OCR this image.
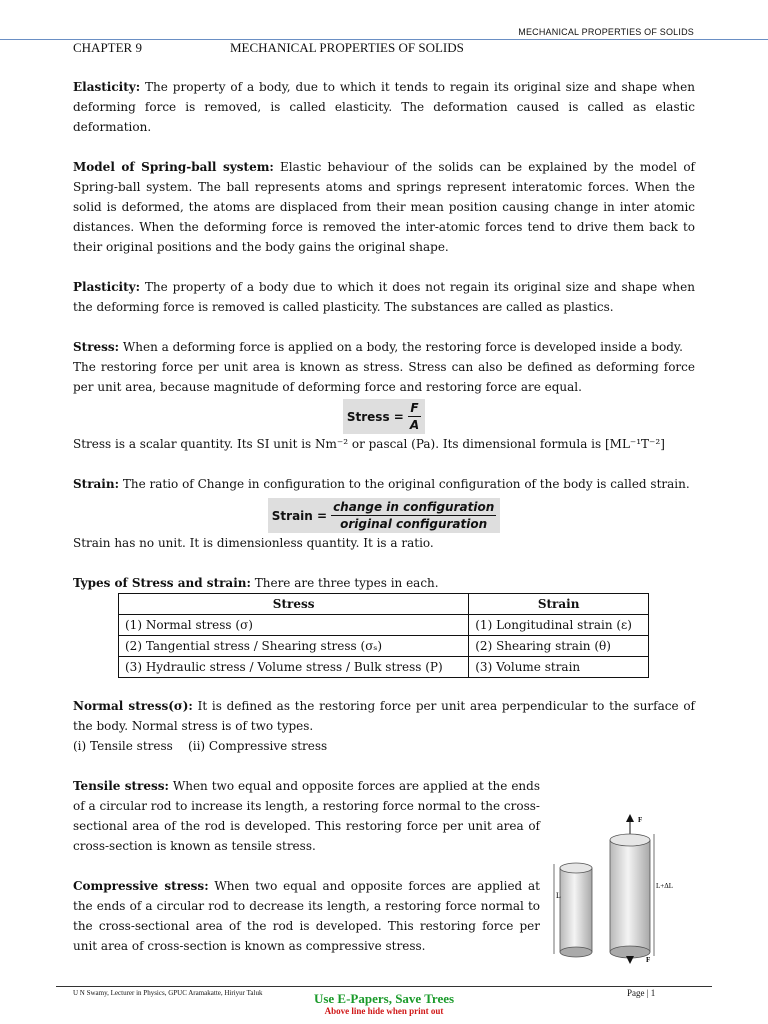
MECHANICAL PROPERTIES OF SOLIDS
CHAPTER 9	MECHANICAL PROPERTIES OF SOLIDS

Elasticity: The property of a body, due to which it tends to regain its original size and shape when deforming force is removed, is called elasticity. The deformation caused is called as elastic deformation.

Model of Spring-ball system: Elastic behaviour of the solids can be explained by the model of Spring-ball system. The ball represents atoms and springs represent interatomic forces. When the solid is deformed, the atoms are displaced from their mean position causing change in inter atomic distances. When the deforming force is removed the inter-atomic forces tend to drive them back to their original positions and the body gains the original shape.

Plasticity: The property of a body due to which it does not regain its original size and shape when the deforming force is removed is called plasticity. The substances are called as plastics.

Stress: When a deforming force is applied on a body, the restoring force is developed inside a body.

The restoring force per unit area is known as stress. Stress can also be defined as deforming force per unit area, because magnitude of deforming force and restoring force are equal.

Stress = $\frac{F}{A}$

Stress is a scalar quantity. Its SI unit is Nm⁻² or pascal (Pa). Its dimensional formula is [ML⁻¹T⁻²]

Strain: The ratio of Change in configuration to the original configuration of the body is called strain.

Strain = $\frac{\text{change in configuration}}{\text{original configuration}}$

Strain has no unit. It is dimensionless quantity. It is a ratio.

Types of Stress and strain: There are three types in each.

Stress	Strain
(1) Normal stress (σ)	(1) Longitudinal strain (ε)
(2) Tangential stress / Shearing stress (σₛ)	(2) Shearing strain (θ)
(3) Hydraulic stress / Volume stress / Bulk stress (P)	(3) Volume strain

Normal stress(σ): It is defined as the restoring force per unit area perpendicular to the surface of the body. Normal stress is of two types.

(i) Tensile stress    (ii) Compressive stress

Tensile stress: When two equal and opposite forces are applied at the ends of a circular rod to increase its length, a restoring force normal to the cross-sectional area of the rod is developed. This restoring force per unit area of cross-section is known as tensile stress.

Compressive stress: When two equal and opposite forces are applied at the ends of a circular rod to decrease its length, a restoring force normal to the cross-sectional area of the rod is developed. This restoring force per unit area of cross-section is known as compressive stress.

F
L
L+ΔL
F
U N Swamy, Lecturer in Physics, GPUC Aramakatte, Hiriyur Taluk	Page | 1
Use E-Papers, Save Trees
Above line hide when print out
